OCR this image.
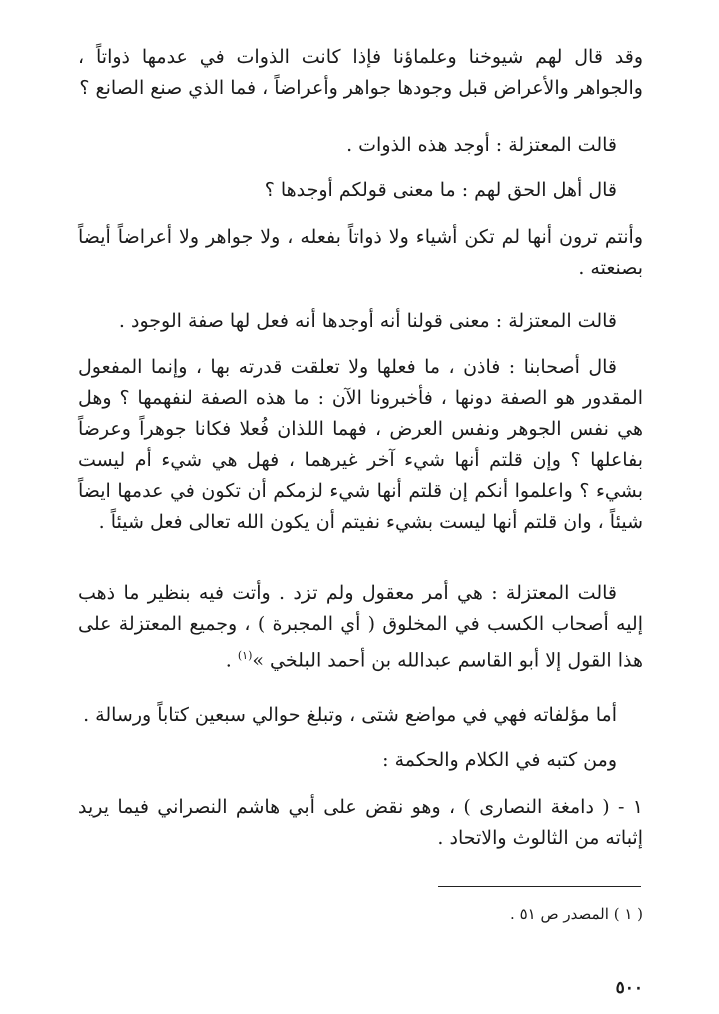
وقد قال لهم شيوخنا وعلماؤنا فإذا كانت الذوات في عدمها ذواتاً ، والجواهر والأعراض قبل وجودها جواهر وأعراضاً ، فما الذي صنع الصانع ؟

قالت المعتزلة : أوجد هذه الذوات .

قال أهل الحق لهم : ما معنى قولكم أوجدها ؟

وأنتم ترون أنها لم تكن أشياء ولا ذواتاً بفعله ، ولا جواهر ولا أعراضاً أيضاً بصنعته .

قالت المعتزلة : معنى قولنا أنه أوجدها أنه فعل لها صفة الوجود .

قال أصحابنا : فاذن ، ما فعلها ولا تعلقت قدرته بها ، وإنما المفعول المقدور هو الصفة دونها ، فأخبرونا الآن : ما هذه الصفة لنفهمها ؟ وهل هي نفس الجوهر ونفس العرض ، فهما اللذان فُعلا فكانا جوهراً وعرضاً بفاعلها ؟ وإن قلتم أنها شيء آخر غيرهما ، فهل هي شيء أم ليست بشيء ؟ واعلموا أنكم إن قلتم أنها شيء لزمكم أن تكون في عدمها ايضاً شيئاً ، وان قلتم أنها ليست بشيء نفيتم أن يكون الله تعالى فعل شيئاً .

قالت المعتزلة : هي أمر معقول ولم تزد . وأتت فيه بنظير ما ذهب إليه أصحاب الكسب في المخلوق ( أي المجبرة ) ، وجميع المعتزلة على هذا القول إلا أبو القاسم عبدالله بن أحمد البلخي »$^{(١)}$ .

أما مؤلفاته فهي في مواضع شتى ، وتبلغ حوالي سبعين كتاباً ورسالة .

ومن كتبه في الكلام والحكمة :

١ - ( دامغة النصارى ) ، وهو نقض على أبي هاشم النصراني فيما يريد إثباته من الثالوث والاتحاد .

( ١ ) المصدر ص ٥١ .

٥٠٠
